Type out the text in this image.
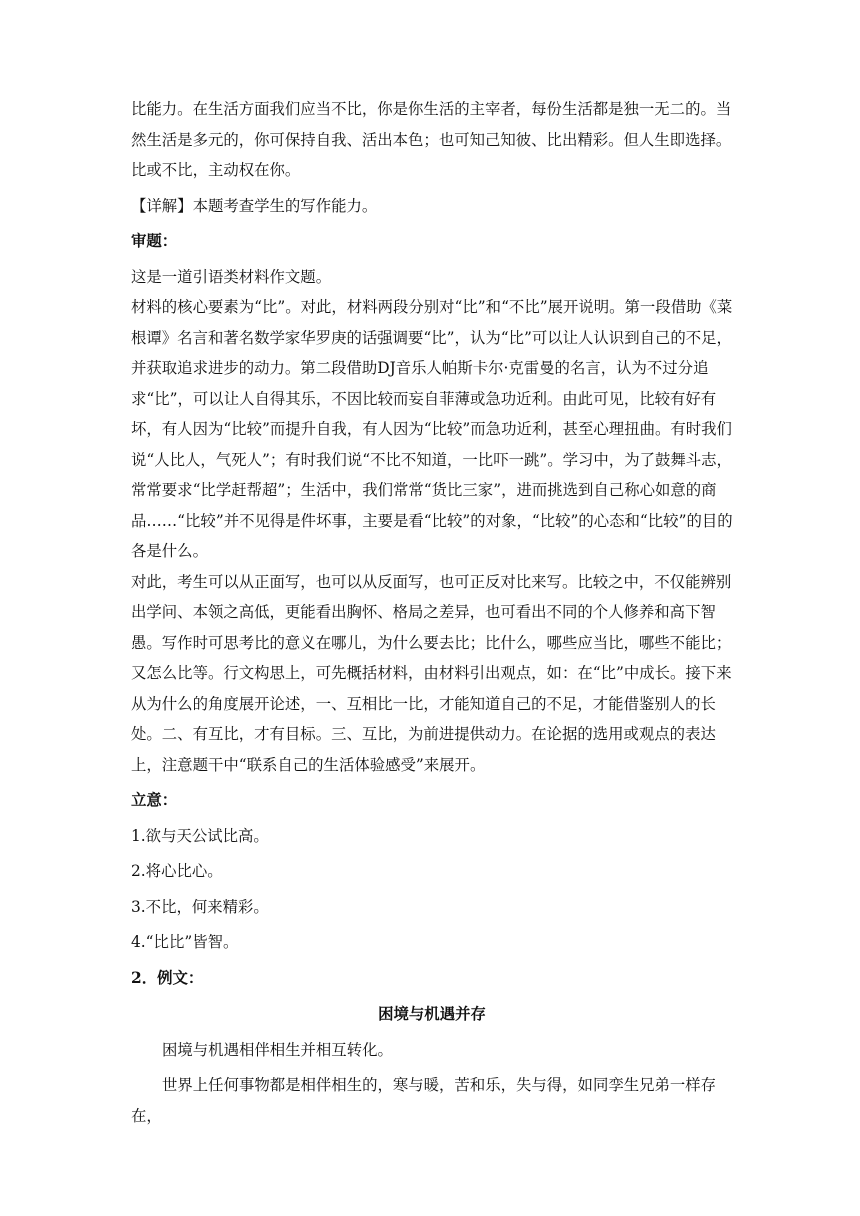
比能力。在生活方面我们应当不比，你是你生活的主宰者，每份生活都是独一无二的。当然生活是多元的，你可保持自我、活出本色；也可知己知彼、比出精彩。但人生即选择。比或不比，主动权在你。

【详解】本题考查学生的写作能力。

审题：

这是一道引语类材料作文题。

材料的核心要素为“比”。对此，材料两段分别对“比”和“不比”展开说明。第一段借助《菜根谭》名言和著名数学家华罗庚的话强调要“比”，认为“比”可以让人认识到自己的不足，并获取追求进步的动力。第二段借助DJ音乐人帕斯卡尔·克雷曼的名言，认为不过分追求“比”，可以让人自得其乐，不因比较而妄自菲薄或急功近利。由此可见，比较有好有坏，有人因为“比较”而提升自我，有人因为“比较”而急功近利，甚至心理扭曲。有时我们说“人比人，气死人”；有时我们说“不比不知道，一比吓一跳”。学习中，为了鼓舞斗志，常常要求“比学赶帮超”；生活中，我们常常“货比三家”，进而挑选到自己称心如意的商品……“比较”并不见得是件坏事，主要是看“比较”的对象，“比较”的心态和“比较”的目的各是什么。

对此，考生可以从正面写，也可以从反面写，也可正反对比来写。比较之中，不仅能辨别出学问、本领之高低，更能看出胸怀、格局之差异，也可看出不同的个人修养和高下智愚。写作时可思考比的意义在哪儿，为什么要去比；比什么，哪些应当比，哪些不能比；又怎么比等。行文构思上，可先概括材料，由材料引出观点，如：在“比”中成长。接下来从为什么的角度展开论述，一、互相比一比，才能知道自己的不足，才能借鉴别人的长处。二、有互比，才有目标。三、互比，为前进提供动力。在论据的选用或观点的表达上，注意题干中“联系自己的生活体验感受”来展开。

立意：

1.欲与天公试比高。

2.将心比心。

3.不比，何来精彩。

4.“比比”皆智。

2．例文：

困境与机遇并存

困境与机遇相伴相生并相互转化。

世界上任何事物都是相伴相生的，寒与暖，苦和乐，失与得，如同孪生兄弟一样存在，
